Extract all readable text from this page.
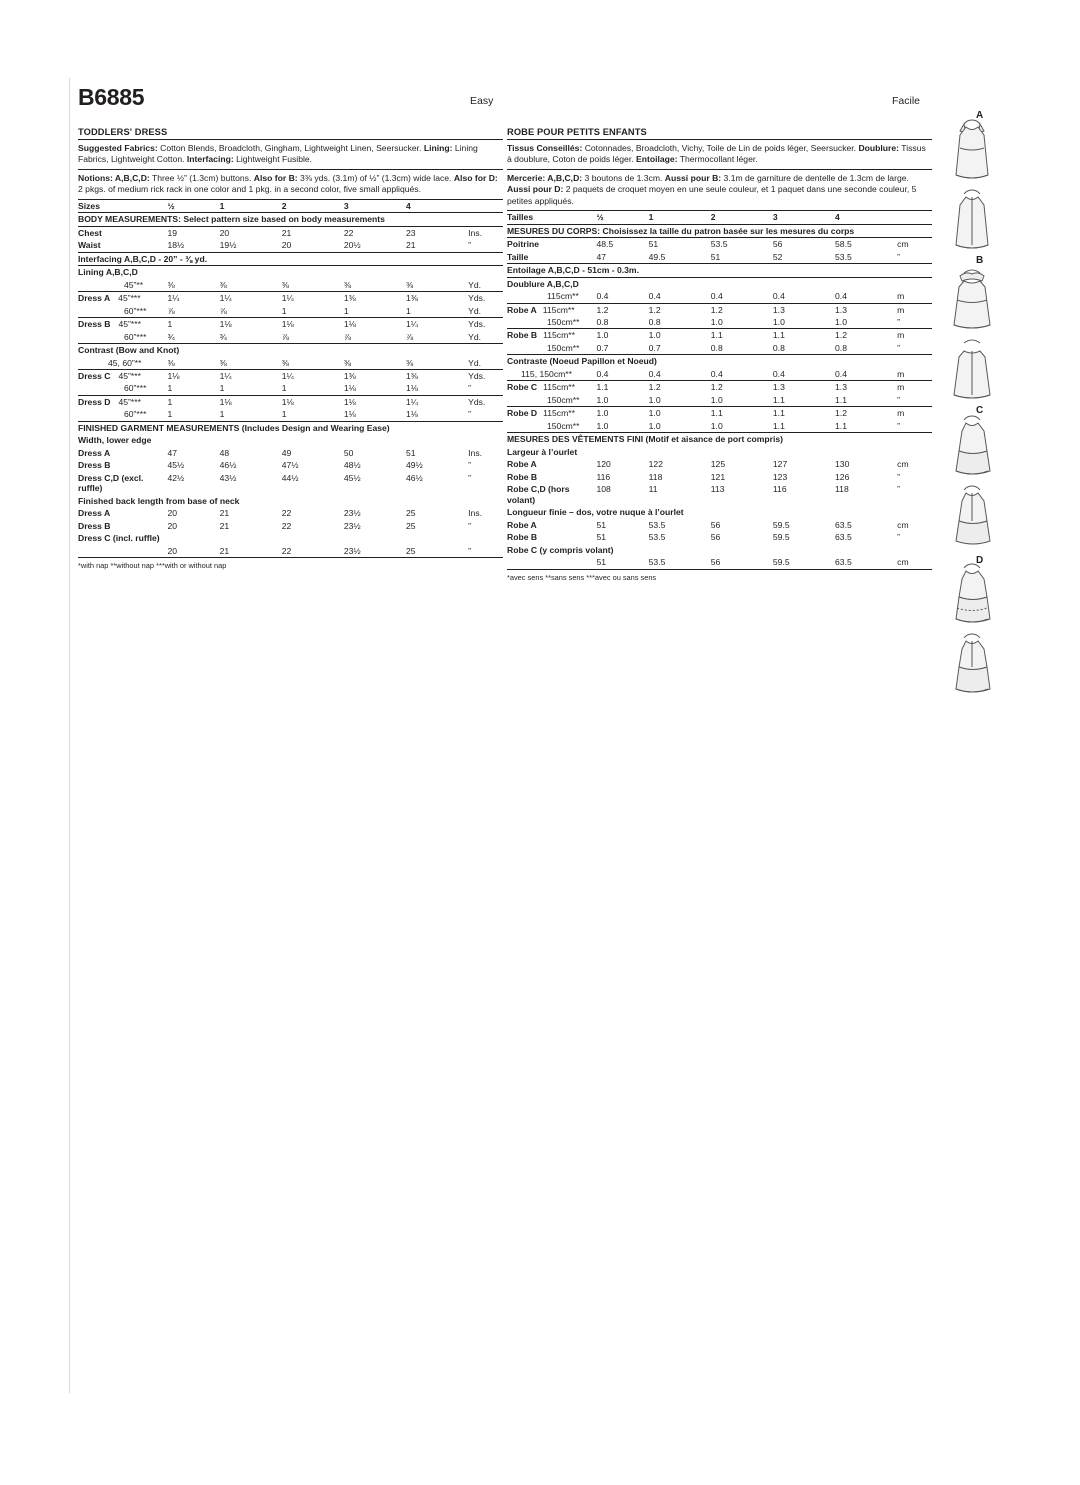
B6885	Easy	Facile
TODDLERS' DRESS
Suggested Fabrics: Cotton Blends, Broadcloth, Gingham, Lightweight Linen, Seersucker. Lining: Lining Fabrics, Lightweight Cotton. Interfacing: Lightweight Fusible.
Notions: A,B,C,D: Three ½” (1.3cm) buttons. Also for B: 3⅜ yds. (3.1m) of ½” (1.3cm) wide lace. Also for D: 2 pkgs. of medium rick rack in one color and 1 pkg. in a second color, five small appliqués.
Sizes	½	1	2	3	4	
BODY MEASUREMENTS: Select pattern size based on body measurements						
Chest	19	20	21	22	23	Ins.
Waist	18½	19½	20	20½	21	”
Interfacing A,B,C,D - 20” - ⅜ yd.						
Lining A,B,C,D						
45”**	⅜	⅜	⅜	⅜	⅜	Yd.
Dress A 45”***	1¼	1¼	1¼	1⅜	1⅜	Yds.
60”***	⅞	⅞	1	1	1	Yd.
Dress B 45”***	1	1⅛	1⅛	1⅛	1¼	Yds.
60”***	¾	¾	⅞	⅞	⅞	Yd.
Contrast (Bow and Knot)						
45, 60”**	⅜	⅜	⅜	⅜	⅜	Yd.
Dress C 45”***	1⅛	1¼	1¼	1⅜	1⅜	Yds.
60”***	1	1	1	1⅛	1⅛	”
Dress D 45”***	1	1⅛	1⅛	1⅛	1¼	Yds.
60”***	1	1	1	1⅛	1⅛	”
FINISHED GARMENT MEASUREMENTS (Includes Design and Wearing Ease)						
Width, lower edge						
Dress A	47	48	49	50	51	Ins.
Dress B	45½	46½	47½	48½	49½	”
Dress C,D (excl. ruffle)	42½	43½	44½	45½	46½	”
Finished back length from base of neck						
Dress A	20	21	22	23½	25	Ins.
Dress B	20	21	22	23½	25	”
Dress C (incl. ruffle)						
	20	21	22	23½	25	”
*with nap **without nap ***with or without nap
ROBE POUR PETITS ENFANTS
Tissus Conseillés: Cotonnades, Broadcloth, Vichy, Toile de Lin de poids léger, Seersucker. Doublure: Tissus à doublure, Coton de poids léger. Entoilage: Thermocollant léger.
Mercerie: A,B,C,D: 3 boutons de 1.3cm. Aussi pour B: 3.1m de garniture de dentelle de 1.3cm de large. Aussi pour D: 2 paquets de croquet moyen en une seule couleur, et 1 paquet dans une seconde couleur, 5 petites appliqués.
Tailles	½	1	2	3	4	
MESURES DU CORPS: Choisissez la taille du patron basée sur les mesures du corps						
Poitrine	48.5	51	53.5	56	58.5	cm
Taille	47	49.5	51	52	53.5	”
Entoilage A,B,C,D - 51cm - 0.3m.						
Doublure A,B,C,D						
115cm**	0.4	0.4	0.4	0.4	0.4	m
Robe A 115cm**	1.2	1.2	1.2	1.3	1.3	m
150cm**	0.8	0.8	1.0	1.0	1.0	”
Robe B 115cm**	1.0	1.0	1.1	1.1	1.2	m
150cm**	0.7	0.7	0.8	0.8	0.8	”
Contraste (Noeud Papillon et Noeud)						
115, 150cm**	0.4	0.4	0.4	0.4	0.4	m
Robe C 115cm**	1.1	1.2	1.2	1.3	1.3	m
150cm**	1.0	1.0	1.0	1.1	1.1	”
Robe D 115cm**	1.0	1.0	1.1	1.1	1.2	m
150cm**	1.0	1.0	1.0	1.1	1.1	”
MESURES DES VÊTEMENTS FINI (Motif et aisance de port compris)						
Largeur à l’ourlet						
Robe A	120	122	125	127	130	cm
Robe B	116	118	121	123	126	”
Robe C,D (hors volant)	108	11	113	116	118	”
Longueur finie – dos, votre nuque à l’ourlet						
Robe A	51	53.5	56	59.5	63.5	cm
Robe B	51	53.5	56	59.5	63.5	”
Robe C (y compris volant)						
	51	53.5	56	59.5	63.5	cm
*avec sens **sans sens ***avec ou sans sens
A
B
C
D
